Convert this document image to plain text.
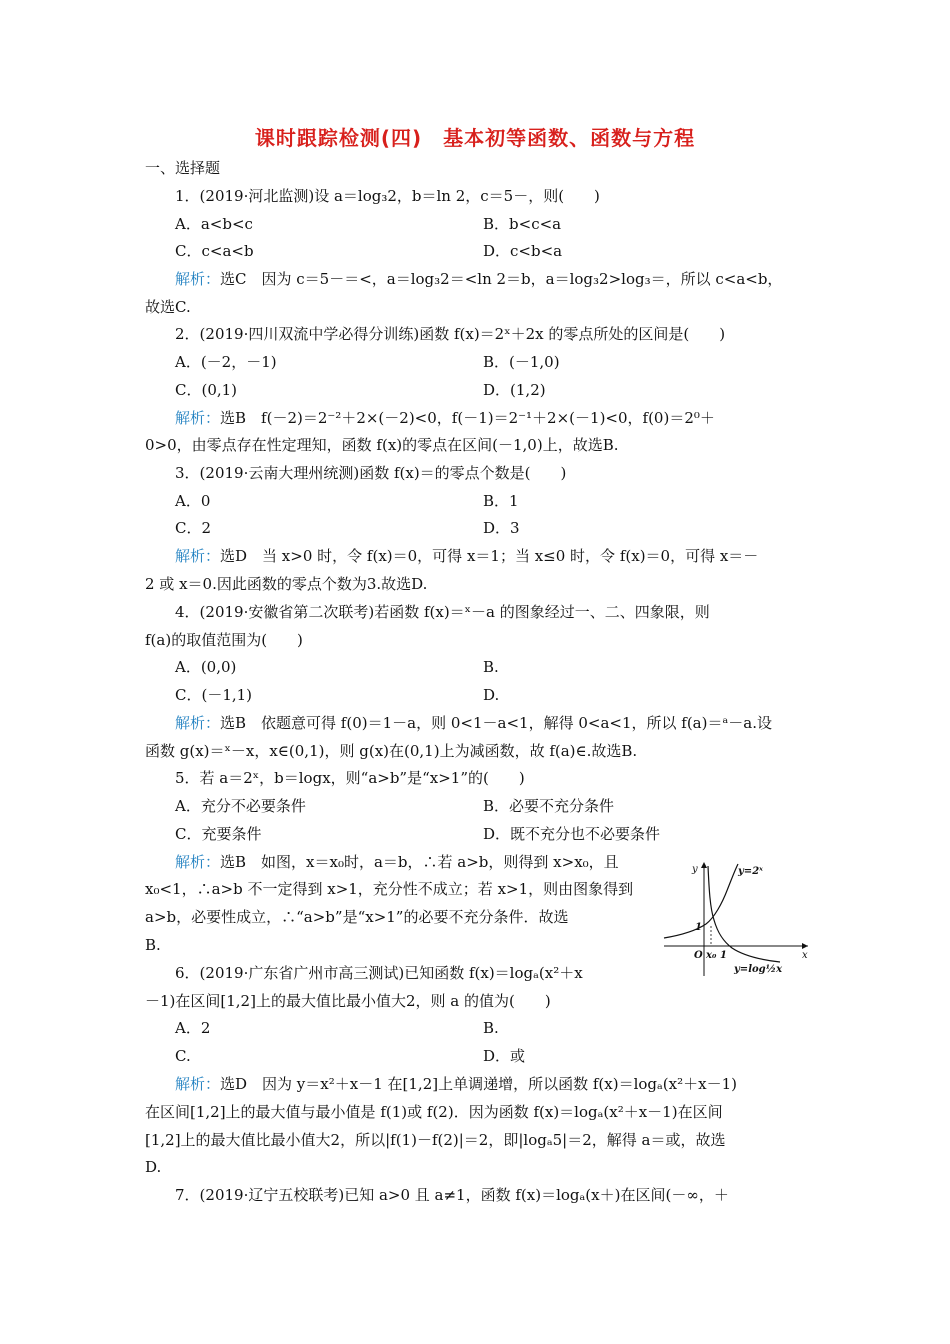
课时跟踪检测(四)　基本初等函数、函数与方程
一、选择题
1．(2019·河北监测)设 a＝log₃2，b＝ln 2，c＝5－，则(　　)
A．a<b<c	B．b<c<a
C．c<a<b	D．c<b<a
解析：选C　因为 c＝5－＝<，a＝log₃2＝<ln 2＝b，a＝log₃2>log₃＝，所以 c<a<b，
故选C.
2．(2019·四川双流中学必得分训练)函数 f(x)＝2ˣ＋2x 的零点所处的区间是(　　)
A．(－2，－1)	B．(－1,0)
C．(0,1)	D．(1,2)
解析：选B　f(－2)＝2⁻²＋2×(－2)<0，f(－1)＝2⁻¹＋2×(－1)<0，f(0)＝2⁰＋
0>0，由零点存在性定理知，函数 f(x)的零点在区间(－1,0)上，故选B.
3．(2019·云南大理州统测)函数 f(x)＝的零点个数是(　　)
A．0	B．1
C．2	D．3
解析：选D　当 x>0 时，令 f(x)＝0，可得 x＝1；当 x≤0 时，令 f(x)＝0，可得 x＝－
2 或 x＝0.因此函数的零点个数为3.故选D.
4．(2019·安徽省第二次联考)若函数 f(x)＝ˣ－a 的图象经过一、二、四象限，则
f(a)的取值范围为(　　)
A．(0,0)	B.
C．(－1,1)	D.
解析：选B　依题意可得 f(0)＝1－a，则 0<1－a<1，解得 0<a<1，所以 f(a)＝ᵃ－a.设
函数 g(x)＝ˣ－x，x∈(0,1)，则 g(x)在(0,1)上为减函数，故 f(a)∈.故选B.
5．若 a＝2ˣ，b＝logx，则“a>b”是“x>1”的(　　)
A．充分不必要条件	B．必要不充分条件
C．充要条件	D．既不充分也不必要条件
解析：选B　如图，x＝x₀时，a＝b，∴若 a>b，则得到 x>x₀，且
x₀<1，∴a>b 不一定得到 x>1，充分性不成立；若 x>1，则由图象得到
a>b，必要性成立，∴“a>b”是“x>1”的必要不充分条件．故选
B.
y
x
O x₀ 1
1
y=2ˣ
y=log½x
6．(2019·广东省广州市高三测试)已知函数 f(x)＝logₐ(x²＋x
－1)在区间[1,2]上的最大值比最小值大2，则 a 的值为(　　)
A．2	B.
C.	D．或
解析：选D　因为 y＝x²＋x－1 在[1,2]上单调递增，所以函数 f(x)＝logₐ(x²＋x－1)
在区间[1,2]上的最大值与最小值是 f(1)或 f(2)．因为函数 f(x)＝logₐ(x²＋x－1)在区间
[1,2]上的最大值比最小值大2，所以|f(1)－f(2)|＝2，即|logₐ5|＝2，解得 a＝或，故选
D.
7．(2019·辽宁五校联考)已知 a>0 且 a≠1，函数 f(x)＝logₐ(x＋)在区间(－∞，＋
